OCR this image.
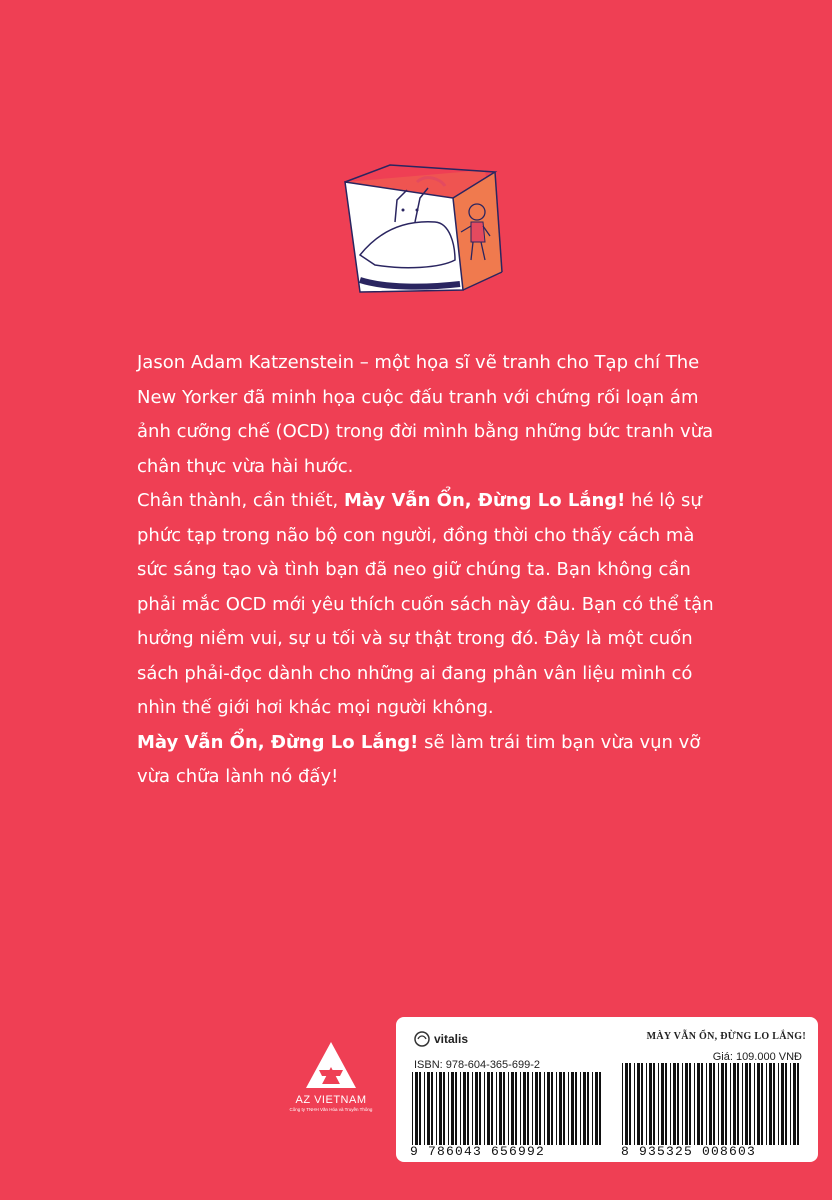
Jason Adam Katzenstein – một họa sĩ vẽ tranh cho Tạp chí The New Yorker đã minh họa cuộc đấu tranh với chứng rối loạn ám ảnh cưỡng chế (OCD) trong đời mình bằng những bức tranh vừa chân thực vừa hài hước.

Chân thành, cần thiết, Mày Vẫn Ổn, Đừng Lo Lắng! hé lộ sự phức tạp trong não bộ con người, đồng thời cho thấy cách mà sức sáng tạo và tình bạn đã neo giữ chúng ta. Bạn không cần phải mắc OCD mới yêu thích cuốn sách này đâu. Bạn có thể tận hưởng niềm vui, sự u tối và sự thật trong đó. Đây là một cuốn sách phải-đọc dành cho những ai đang phân vân liệu mình có nhìn thế giới hơi khác mọi người không.

Mày Vẫn Ổn, Đừng Lo Lắng! sẽ làm trái tim bạn vừa vụn vỡ vừa chữa lành nó đấy!

AZ VIETNAM
Công ty TNHH Văn Hóa và Truyền Thông
vitalis	MÀY VẪN ỔN, ĐỪNG LO LẮNG!
ISBN: 978-604-365-699-2
Giá: 109.000 VNĐ
9 786043 656992	8 935325 008603
